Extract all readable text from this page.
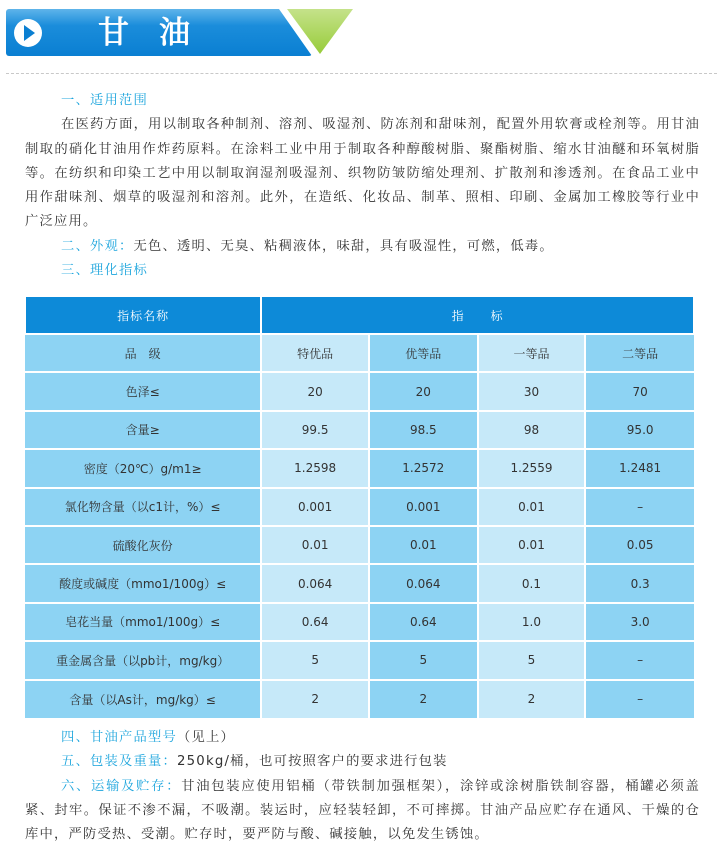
甘油
一、适用范围

在医药方面，用以制取各种制剂、溶剂、吸湿剂、防冻剂和甜味剂，配置外用软膏或栓剂等。用甘油制取的硝化甘油用作炸药原料。在涂料工业中用于制取各种醇酸树脂、聚酯树脂、缩水甘油醚和环氧树脂等。在纺织和印染工艺中用以制取润湿剂吸湿剂、织物防皱防缩处理剂、扩散剂和渗透剂。在食品工业中用作甜味剂、烟草的吸湿剂和溶剂。此外，在造纸、化妆品、制革、照相、印刷、金属加工橡胶等行业中广泛应用。

二、外观：无色、透明、无臭、粘稠液体，味甜，具有吸湿性，可燃，低毒。
三、理化指标
指标名称	指　　标			
品　级	特优品	优等品	一等品	二等品
色泽≤	20	20	30	70
含量≥	99.5	98.5	98	95.0
密度（20℃）g/m1≥	1.2598	1.2572	1.2559	1.2481
氯化物含量（以c1计，%）≤	0.001	0.001	0.01	–
硫酸化灰份	0.01	0.01	0.01	0.05
酸度或碱度（mmo1/100g）≤	0.064	0.064	0.1	0.3
皂花当量（mmo1/100g）≤	0.64	0.64	1.0	3.0
重金属含量（以pb计，mg/kg）	5	5	5	–
含量（以As计，mg/kg）≤	2	2	2	–
四、甘油产品型号（见上）
五、包装及重量：250kg/桶，也可按照客户的要求进行包装

六、运输及贮存：甘油包装应使用铝桶（带铁制加强框架），涂锌或涂树脂铁制容器，桶罐必须盖紧、封牢。保证不渗不漏，不吸潮。装运时，应轻装轻卸，不可摔掷。甘油产品应贮存在通风、干燥的仓库中，严防受热、受潮。贮存时，要严防与酸、碱接触，以免发生锈蚀。
